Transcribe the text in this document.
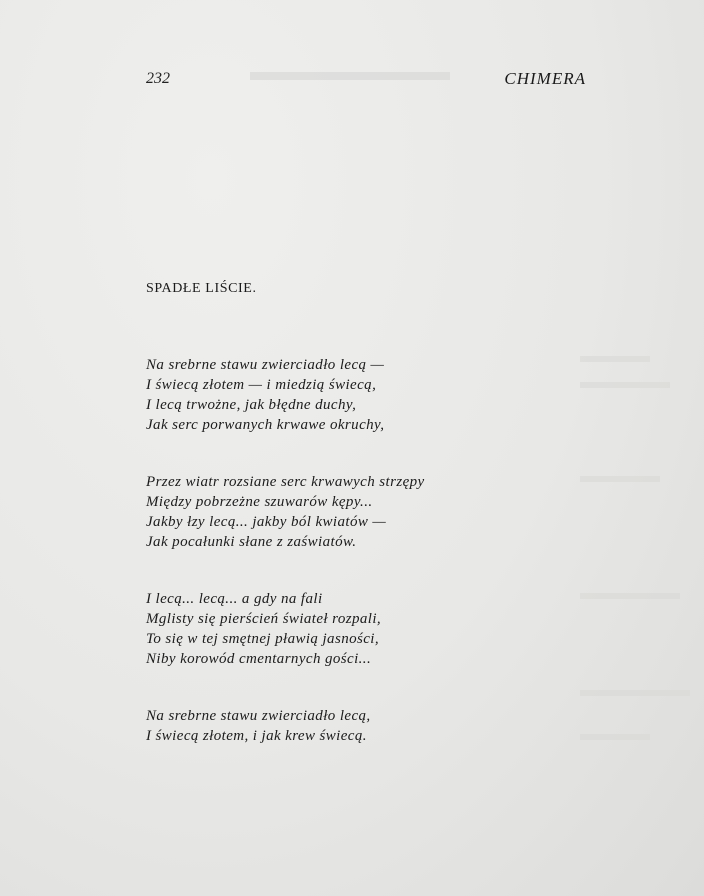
232	CHIMERA
SPADŁE LIŚCIE.
Na srebrne stawu zwierciadło lecą —
I świecą złotem — i miedzią świecą,
I lecą trwożne, jak błędne duchy,
Jak serc porwanych krwawe okruchy,
Przez wiatr rozsiane serc krwawych strzępy
Między pobrzeżne szuwarów kępy...
Jakby łzy lecą... jakby ból kwiatów —
Jak pocałunki słane z zaświatów.
I lecą... lecą... a gdy na fali
Mglisty się pierścień świateł rozpali,
To się w tej smętnej pławią jasności,
Niby korowód cmentarnych gości...
Na srebrne stawu zwierciadło lecą,
I świecą złotem, i jak krew świecą.
